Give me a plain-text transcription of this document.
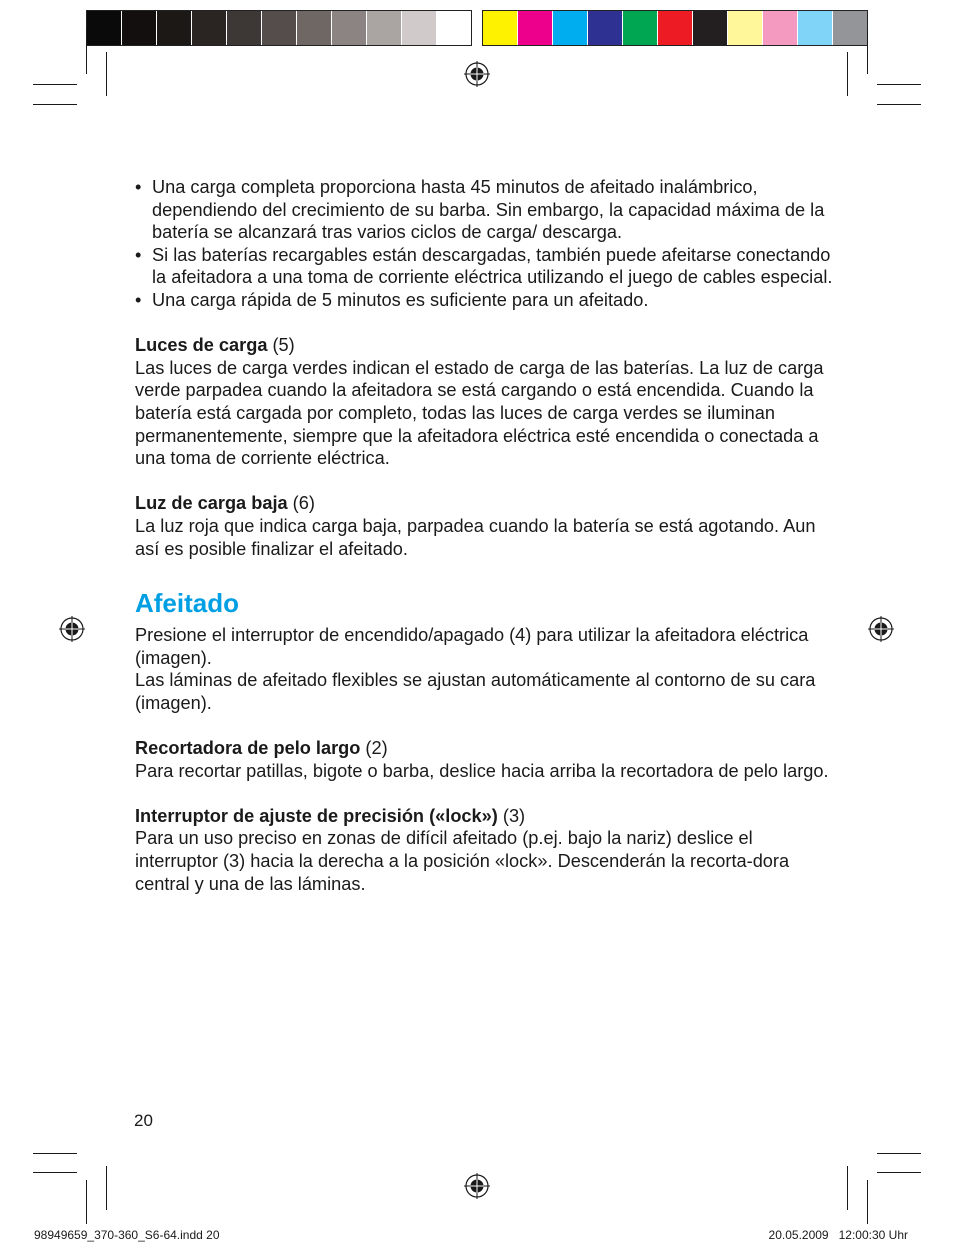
• Una carga completa proporciona hasta 45 minutos de afeitado inalámbrico, dependiendo del crecimiento de su barba. Sin embargo, la capacidad máxima de la batería se alcanzará tras varios ciclos de carga/ descarga.
• Si las baterías recargables están descargadas, también puede afeitarse conectando la afeitadora a una toma de corriente eléctrica utilizando el juego de cables especial.
• Una carga rápida de 5 minutos es suficiente para un afeitado.

Luces de carga (5)

Las luces de carga verdes indican el estado de carga de las baterías. La luz de carga verde parpadea cuando la afeitadora se está cargando o está encendida. Cuando la batería está cargada por completo, todas las luces de carga verdes se iluminan permanentemente, siempre que la afeitadora eléctrica esté encendida o conectada a una toma de corriente eléctrica.

Luz de carga baja (6)

La luz roja que indica carga baja, parpadea cuando la batería se está agotando. Aun así es posible finalizar el afeitado.

Afeitado

Presione el interruptor de encendido/apagado (4) para utilizar la afeitadora eléctrica (imagen).

Las láminas de afeitado flexibles se ajustan automáticamente al contorno de su cara (imagen).

Recortadora de pelo largo (2)

Para recortar patillas, bigote o barba, deslice hacia arriba la recortadora de pelo largo.

Interruptor de ajuste de precisión («lock») (3)

Para un uso preciso en zonas de difícil afeitado (p.ej. bajo la nariz) deslice el interruptor (3) hacia la derecha a la posición «lock». Descenderán la recorta-dora central y una de las láminas.

20
98949659_370-360_S6-64.indd 20	20.05.2009   12:00:30 Uhr
